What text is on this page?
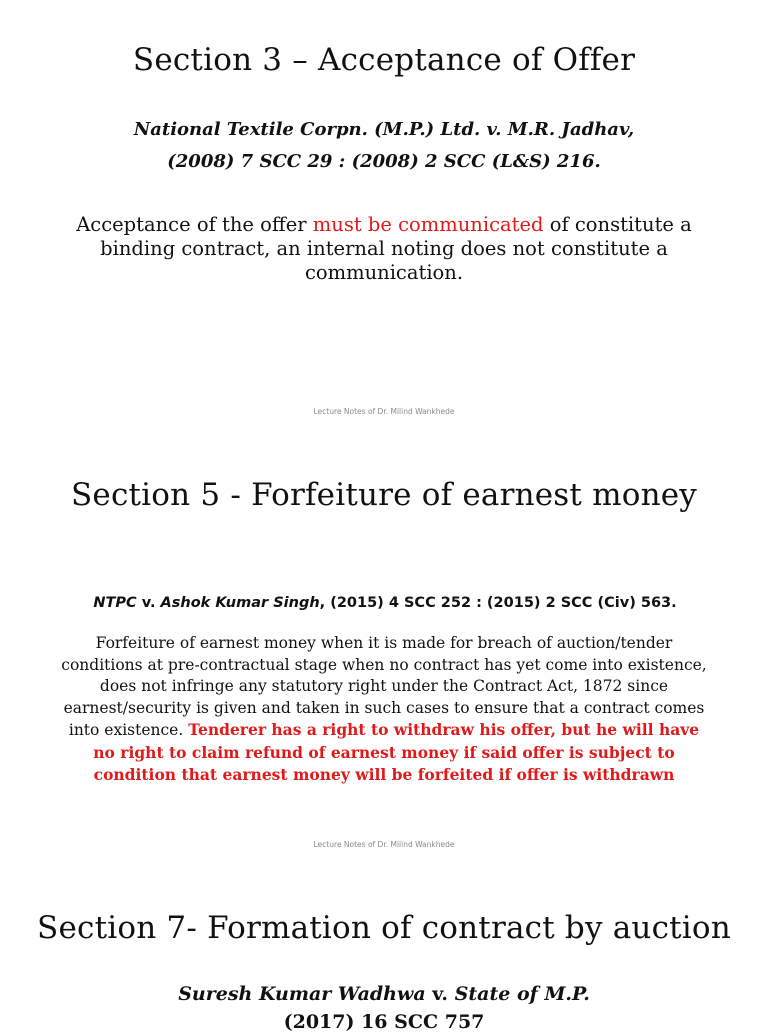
Section 3 – Acceptance of Offer
National Textile Corpn. (M.P.) Ltd. v. M.R. Jadhav,
(2008) 7 SCC 29 : (2008) 2 SCC (L&S) 216.
Acceptance of the offer must be communicated of constitute a binding contract, an internal noting does not constitute a communication.
Lecture Notes of Dr. Milind Wankhede
Section 5 - Forfeiture of earnest money
NTPC v. Ashok Kumar Singh, (2015) 4 SCC 252 : (2015) 2 SCC (Civ) 563.
Forfeiture of earnest money when it is made for breach of auction/tender conditions at pre-contractual stage when no contract has yet come into existence, does not infringe any statutory right under the Contract Act, 1872 since earnest/security is given and taken in such cases to ensure that a contract comes into existence. Tenderer has a right to withdraw his offer, but he will have no right to claim refund of earnest money if said offer is subject to condition that earnest money will be forfeited if offer is withdrawn
Lecture Notes of Dr. Milind Wankhede
Section 7- Formation of contract by auction
Suresh Kumar Wadhwa v. State of M.P.
(2017) 16 SCC 757
